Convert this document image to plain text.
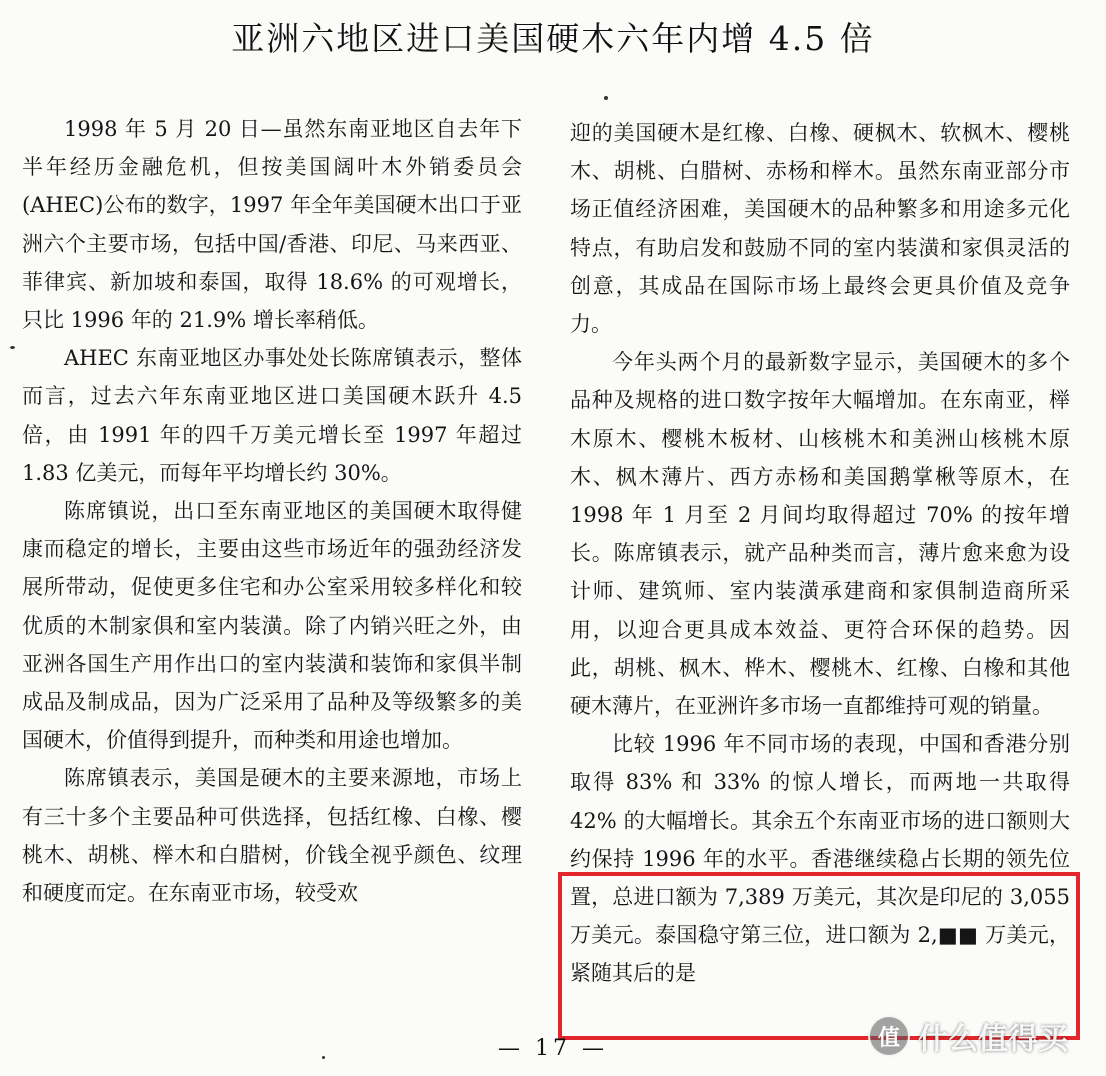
亚洲六地区进口美国硬木六年内增 4.5 倍

1998 年 5 月 20 日—虽然东南亚地区自去年下半年经历金融危机，但按美国阔叶木外销委员会(AHEC)公布的数字，1997 年全年美国硬木出口于亚洲六个主要市场，包括中国/香港、印尼、马来西亚、菲律宾、新加坡和泰国，取得 18.6% 的可观增长，只比 1996 年的 21.9% 增长率稍低。

AHEC 东南亚地区办事处处长陈席镇表示，整体而言，过去六年东南亚地区进口美国硬木跃升 4.5 倍，由 1991 年的四千万美元增长至 1997 年超过 1.83 亿美元，而每年平均增长约 30%。

陈席镇说，出口至东南亚地区的美国硬木取得健康而稳定的增长，主要由这些市场近年的强劲经济发展所带动，促使更多住宅和办公室采用较多样化和较优质的木制家俱和室内装潢。除了内销兴旺之外，由亚洲各国生产用作出口的室内装潢和装饰和家俱半制成品及制成品，因为广泛采用了品种及等级繁多的美国硬木，价值得到提升，而种类和用途也增加。

陈席镇表示，美国是硬木的主要来源地，市场上有三十多个主要品种可供选择，包括红橡、白橡、樱桃木、胡桃、榉木和白腊树，价钱全视乎颜色、纹理和硬度而定。在东南亚市场，较受欢

迎的美国硬木是红橡、白橡、硬枫木、软枫木、樱桃木、胡桃、白腊树、赤杨和榉木。虽然东南亚部分市场正值经济困难，美国硬木的品种繁多和用途多元化特点，有助启发和鼓励不同的室内装潢和家俱灵活的创意，其成品在国际市场上最终会更具价值及竞争力。

今年头两个月的最新数字显示，美国硬木的多个品种及规格的进口数字按年大幅增加。在东南亚，榉木原木、樱桃木板材、山核桃木和美洲山核桃木原木、枫木薄片、西方赤杨和美国鹅掌楸等原木，在 1998 年 1 月至 2 月间均取得超过 70% 的按年增长。陈席镇表示，就产品种类而言，薄片愈来愈为设计师、建筑师、室内装潢承建商和家俱制造商所采用，以迎合更具成本效益、更符合环保的趋势。因此，胡桃、枫木、桦木、樱桃木、红橡、白橡和其他硬木薄片，在亚洲许多市场一直都维持可观的销量。

比较 1996 年不同市场的表现，中国和香港分别取得 83% 和 33% 的惊人增长，而两地一共取得 42% 的大幅增长。其余五个东南亚市场的进口额则大约保持 1996 年的水平。香港继续稳占长期的领先位置，总进口额为 7,389 万美元，其次是印尼的 3,055 万美元。泰国稳守第三位，进口额为 2,■■ 万美元，紧随其后的是

— 17 —	值 什么值得买
